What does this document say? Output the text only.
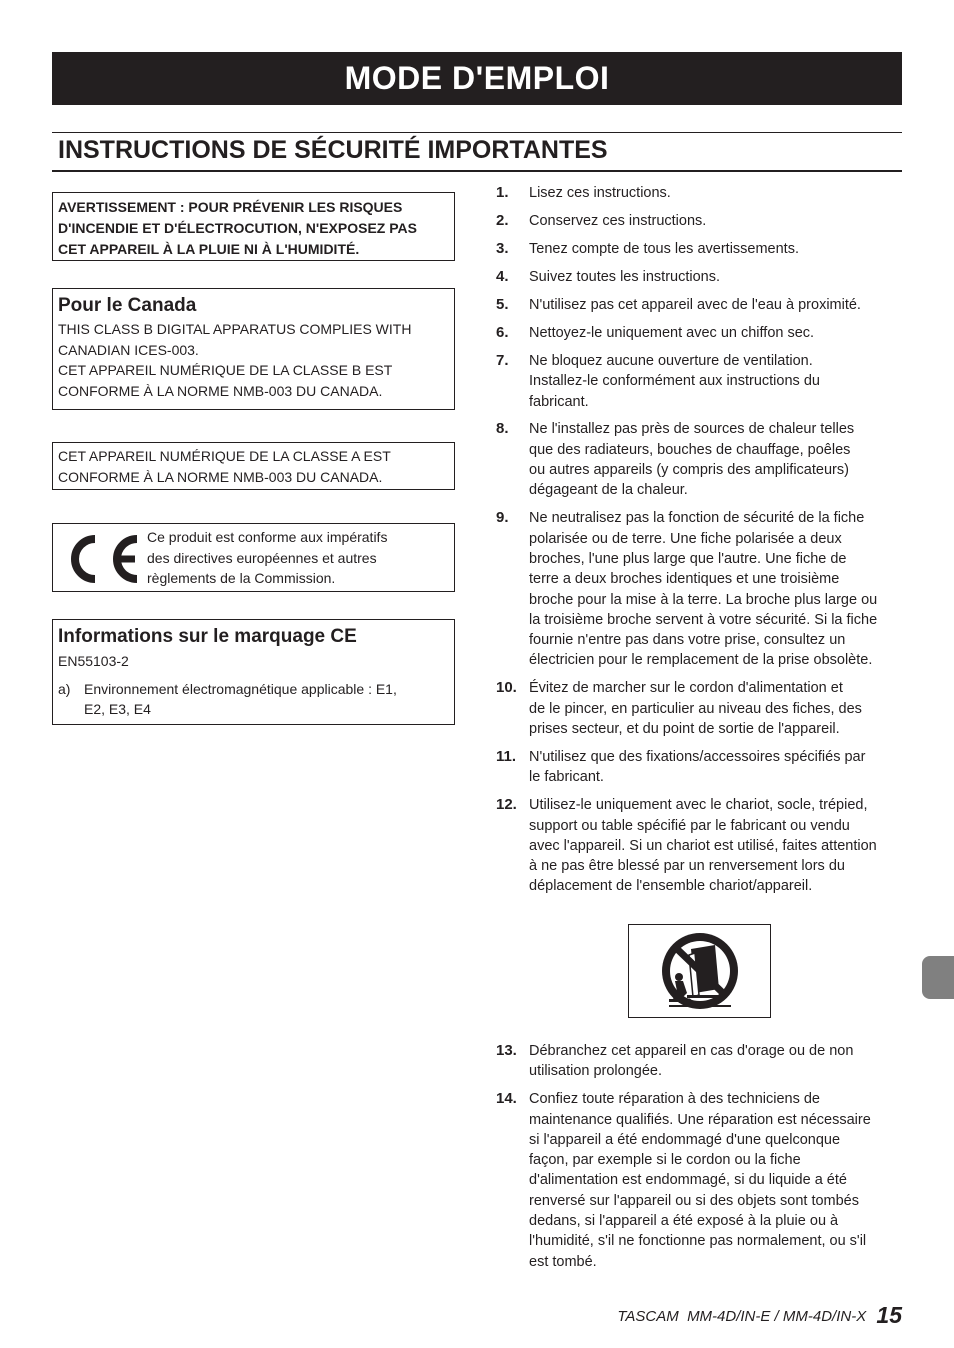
MODE D'EMPLOI
INSTRUCTIONS DE SÉCURITÉ IMPORTANTES
AVERTISSEMENT : POUR PRÉVENIR LES RISQUES
D'INCENDIE ET D'ÉLECTROCUTION, N'EXPOSEZ PAS
CET APPAREIL À LA PLUIE NI À L'HUMIDITÉ.
Pour le Canada
THIS CLASS B DIGITAL APPARATUS COMPLIES WITH
CANADIAN ICES-003.
CET APPAREIL NUMÉRIQUE DE LA CLASSE B EST
CONFORME À LA NORME NMB-003 DU CANADA.
CET APPAREIL NUMÉRIQUE DE LA CLASSE A EST
CONFORME À LA NORME NMB-003 DU CANADA.
Ce produit est conforme aux impératifs
des directives européennes et autres
règlements de la Commission.
Informations sur le marquage CE
EN55103-2
a) Environnement électromagnétique applicable : E1,
E2, E3, E4
1.	Lisez ces instructions.
2.	Conservez ces instructions.
3.	Tenez compte de tous les avertissements.
4.	Suivez toutes les instructions.
5.	N'utilisez pas cet appareil avec de l'eau à proximité.
6.	Nettoyez-le uniquement avec un chiffon sec.
7.	Ne bloquez aucune ouverture de ventilation.
Installez-le conformément aux instructions du
fabricant.
8.	Ne l'installez pas près de sources de chaleur telles
que des radiateurs, bouches de chauffage, poêles
ou autres appareils (y compris des amplificateurs)
dégageant de la chaleur.
9.	Ne neutralisez pas la fonction de sécurité de la fiche
polarisée ou de terre. Une fiche polarisée a deux
broches, l'une plus large que l'autre. Une fiche de
terre a deux broches identiques et une troisième
broche pour la mise à la terre. La broche plus large ou
la troisième broche servent à votre sécurité. Si la fiche
fournie n'entre pas dans votre prise, consultez un
électricien pour le remplacement de la prise obsolète.
10. Évitez de marcher sur le cordon d'alimentation et
de le pincer, en particulier au niveau des fiches, des
prises secteur, et du point de sortie de l'appareil.
11. N'utilisez que des fixations/accessoires spécifiés par
le fabricant.
12. Utilisez-le uniquement avec le chariot, socle, trépied,
support ou table spécifié par le fabricant ou vendu
avec l'appareil. Si un chariot est utilisé, faites attention
à ne pas être blessé par un renversement lors du
déplacement de l'ensemble chariot/appareil.
13. Débranchez cet appareil en cas d'orage ou de non
utilisation prolongée.
14. Confiez toute réparation à des techniciens de
maintenance qualifiés. Une réparation est nécessaire
si l'appareil a été endommagé d'une quelconque
façon, par exemple si le cordon ou la fiche
d'alimentation est endommagé, si du liquide a été
renversé sur l'appareil ou si des objets sont tombés
dedans, si l'appareil a été exposé à la pluie ou à
l'humidité, s'il ne fonctionne pas normalement, ou s'il
est tombé.
TASCAM MM-4D/IN-E / MM-4D/IN-X 15
